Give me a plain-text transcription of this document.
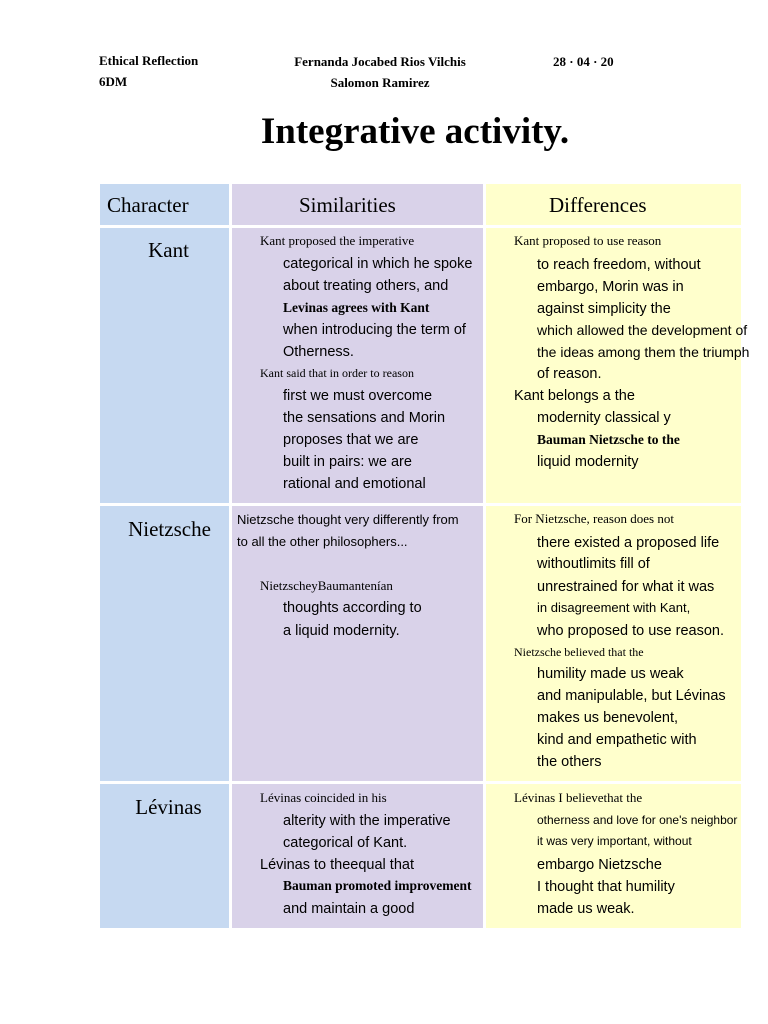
Ethical Reflection
6DM
Fernanda Jocabed Rios Vilchis
Salomon Ramirez
28 · 04 · 20
Integrative activity.
Character	Similarities	Differences
Kant
Nietzsche
Lévinas
Kant proposed the imperative
categorical in which he spoke
about treating others, and
Levinas agrees with Kant
when introducing the term of
Otherness.
Kant said that in order to reason
first we must overcome
the sensations and Morin
proposes that we are
built in pairs: we are
rational and emotional
Kant proposed to use reason
to reach freedom, without
embargo, Morin was in
against simplicity the
which allowed the development of
the ideas among them the triumph
of reason.
Kant belongs a the
modernity classical y
Bauman Nietzsche to the
liquid modernity
Nietzsche thought very differently from
to all the other philosophers...
NietzscheyBaumantenían
thoughts according to
a liquid modernity.
For Nietzsche, reason does not
there existed a proposed life
withoutlimits fill of
unrestrained for what it was
in disagreement with Kant,
who proposed to use reason.
Nietzsche believed that the
humility made us weak
and manipulable, but Lévinas
makes us benevolent,
kind and empathetic with
the others
Lévinas coincided in his
alterity with the imperative
categorical of Kant.
Lévinas to theequal that
Bauman promoted improvement
and maintain a good
Lévinas I believethat the
otherness and love for one's neighbor
it was very important, without
embargo Nietzsche
I thought that humility
made us weak.
